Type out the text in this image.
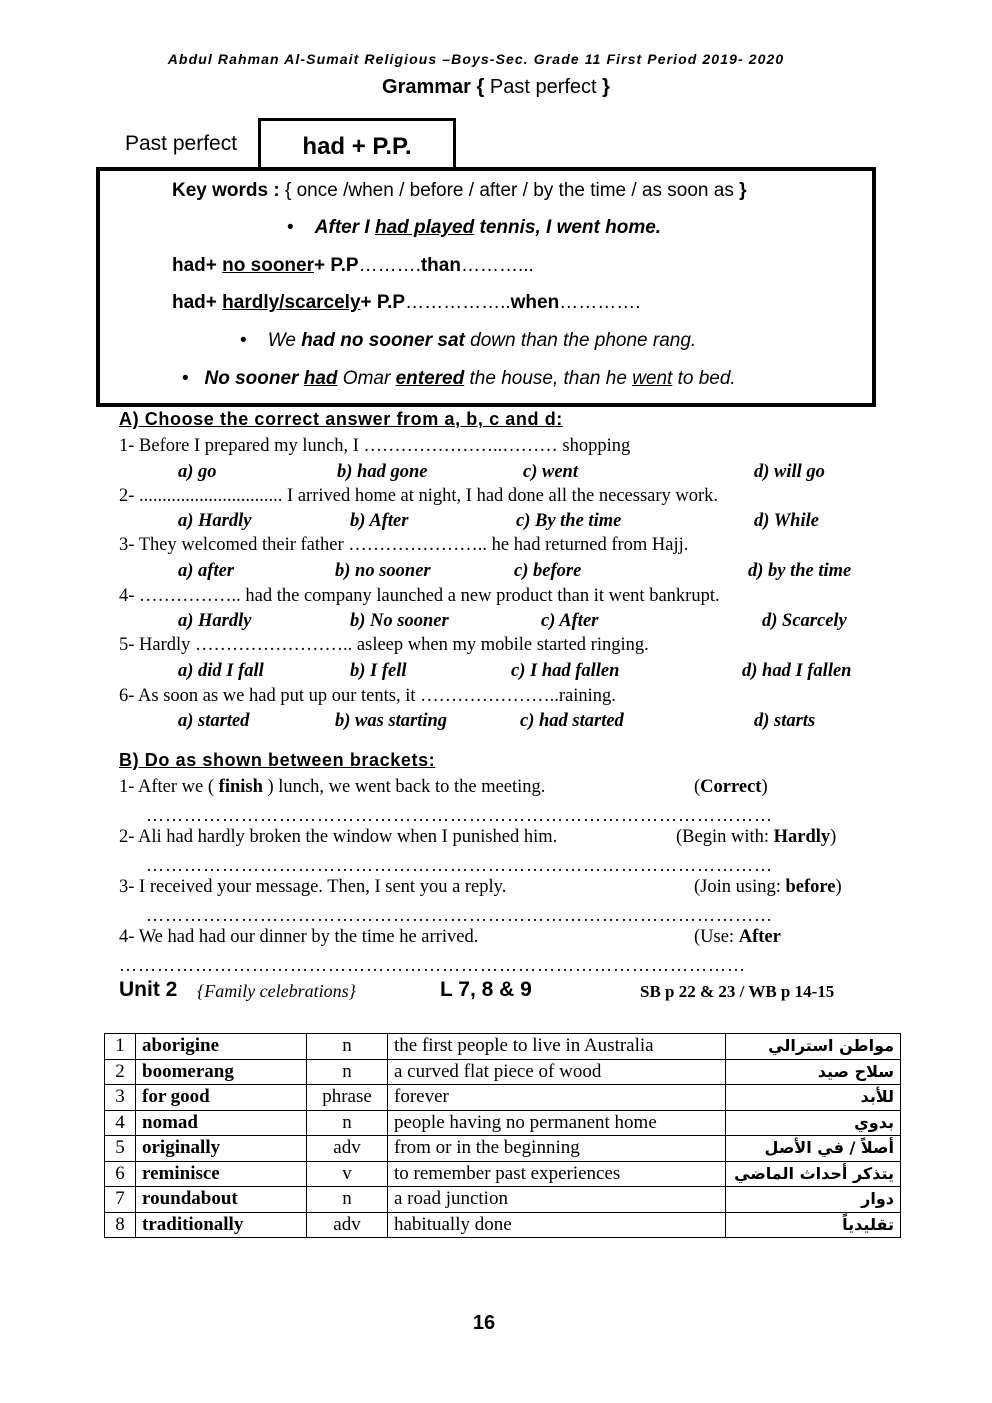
Abdul Rahman Al-Sumait Religious –Boys-Sec. Grade 11 First Period 2019- 2020
Grammar { Past perfect }
Past perfect	had + P.P.
Key words : { once /when / before / after / by the time / as soon as }
•    After I had played tennis, I went home.
had+ no sooner+ P.P……….than………...
had+ hardly/scarcely+ P.P……………..when………….
•    We had no sooner sat down than the phone rang.
•   No sooner had Omar entered the house, than he went to bed.
A) Choose the correct answer from a, b, c and d:
1- Before I prepared my lunch, I …………………..……… shopping
a) go	b) had gone	c) went	d) will go
2- ............................... I arrived home at night, I had done all the necessary work.
a) Hardly	b) After	c) By the time	d) While
3- They welcomed their father ………………….. he had returned from Hajj.
a) after	b) no sooner	c) before	d) by the time
4- …………….. had the company launched a new product than it went bankrupt.
a) Hardly	b) No sooner	c) After	d) Scarcely
5- Hardly …………………….. asleep when my mobile started ringing.
a) did I fall	b) I fell	c) I had fallen	d) had I fallen
6- As soon as we had put up our tents, it …………………..raining.
a) started	b) was starting	c) had started	d) starts
B) Do as shown between brackets:
1- After we ( finish ) lunch, we went back to the meeting.	(Correct)
………………………………………………………………………………………
2- Ali had hardly broken the window when I punished him.	(Begin with: Hardly)
………………………………………………………………………………………
3- I received your message. Then, I sent you a reply.	(Join using: before)
………………………………………………………………………………………
4- We had had our dinner by the time he arrived.	(Use: After
………………………………………………………………………………………
Unit 2 {Family celebrations}	L 7, 8 & 9	SB p 22 & 23 / WB p 14-15
1	aborigine	n	the first people to live in Australia	مواطن استرالي
2	boomerang	n	a curved flat piece of wood	سلاح صيد
3	for good	phrase	forever	للأبد
4	nomad	n	people having no permanent home	بدوي
5	originally	adv	from or in the beginning	أصلاً / في الأصل
6	reminisce	v	to remember past experiences	يتذكر أحداث الماضي
7	roundabout	n	a road junction	دوار
8	traditionally	adv	habitually done	تقليدياً
16
